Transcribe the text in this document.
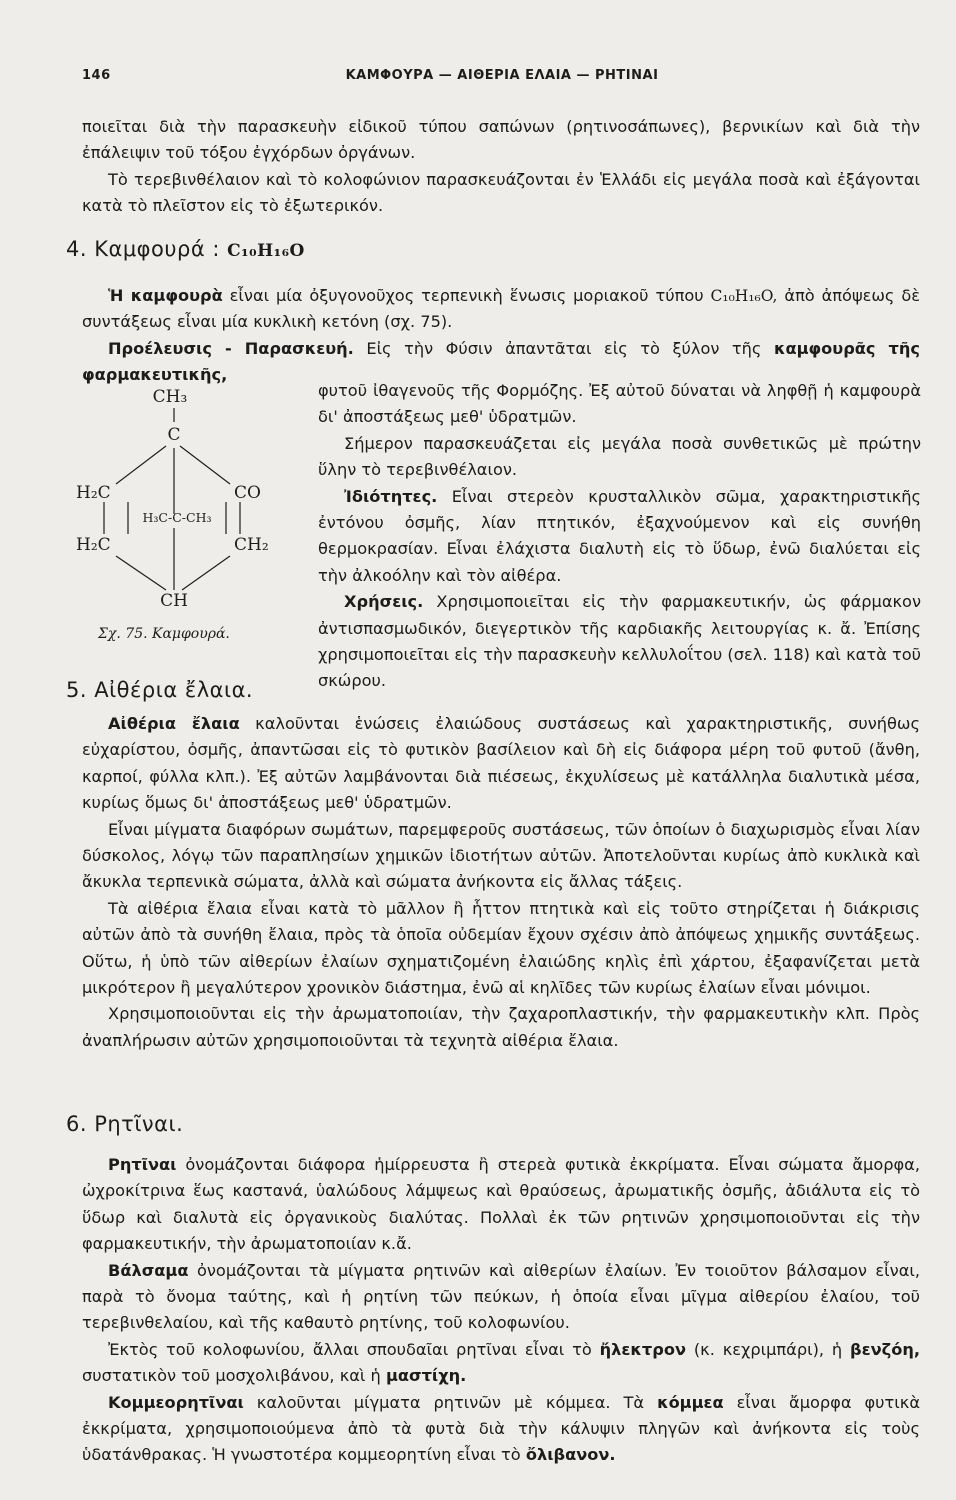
146	ΚΑΜΦΟΥΡΑ — ΑΙΘΕΡΙΑ ΕΛΑΙΑ — ΡΗΤΙΝΑΙ

ποιεῖται διὰ τὴν παρασκευὴν εἰδικοῦ τύπου σαπώνων (ρητινοσάπωνες), βερνικίων καὶ διὰ τὴν ἐπάλειψιν τοῦ τόξου ἐγχόρδων ὀργάνων.

Τὸ τερεβινθέλαιον καὶ τὸ κολοφώνιον παρασκευάζονται ἐν Ἑλλάδι εἰς μεγάλα ποσὰ καὶ ἐξάγονται κατὰ τὸ πλεῖστον εἰς τὸ ἐξωτερικόν.

4. Καμφουρά : C₁₀H₁₆O

Ἡ καμφουρὰ εἶναι μία ὀξυγονοῦχος τερπενικὴ ἕνωσις μοριακοῦ τύπου C₁₀H₁₆O, ἀπὸ ἀπόψεως δὲ συντάξεως εἶναι μία κυκλικὴ κετόνη (σχ. 75).

Προέλευσις - Παρασκευή. Εἰς τὴν Φύσιν ἀπαντᾶται εἰς τὸ ξύλον τῆς καμφουρᾶς τῆς φαρμακευτικῆς,

CH₃
C
H₂C	CO
H₃C-C-CH₃
H₂C	CH₂
CH
Σχ. 75. Καμφουρά.

φυτοῦ ἰθαγενοῦς τῆς Φορμόζης. Ἐξ αὐτοῦ δύναται νὰ ληφθῇ ἡ καμφουρὰ δι' ἀποστάξεως μεθ' ὑδρατμῶν.

Σήμερον παρασκευάζεται εἰς μεγάλα ποσὰ συνθετικῶς μὲ πρώτην ὕλην τὸ τερεβινθέλαιον.

Ἰδιότητες. Εἶναι στερεὸν κρυσταλλικὸν σῶμα, χαρακτηριστικῆς ἐντόνου ὀσμῆς, λίαν πτητικόν, ἐξαχνούμενον καὶ εἰς συνήθη θερμοκρασίαν. Εἶναι ἐλάχιστα διαλυτὴ εἰς τὸ ὕδωρ, ἐνῶ διαλύεται εἰς τὴν ἀλκοόλην καὶ τὸν αἰθέρα.

Χρήσεις. Χρησιμοποιεῖται εἰς τὴν φαρμακευτικήν, ὡς φάρμακον ἀντισπασμωδικόν, διεγερτικὸν τῆς καρδιακῆς λειτουργίας κ. ἄ. Ἐπίσης χρησιμοποιεῖται εἰς τὴν παρασκευὴν κελλυλοΐτου (σελ. 118) καὶ κατὰ τοῦ σκώρου.

5. Αἰθέρια ἔλαια.

Αἰθέρια ἔλαια καλοῦνται ἑνώσεις ἐλαιώδους συστάσεως καὶ χαρακτηριστικῆς, συνήθως εὐχαρίστου, ὀσμῆς, ἀπαντῶσαι εἰς τὸ φυτικὸν βασίλειον καὶ δὴ εἰς διάφορα μέρη τοῦ φυτοῦ (ἄνθη, καρποί, φύλλα κλπ.). Ἐξ αὐτῶν λαμβάνονται διὰ πιέσεως, ἐκχυλίσεως μὲ κατάλληλα διαλυτικὰ μέσα, κυρίως ὅμως δι' ἀποστάξεως μεθ' ὑδρατμῶν.

Εἶναι μίγματα διαφόρων σωμάτων, παρεμφεροῦς συστάσεως, τῶν ὁποίων ὁ διαχωρισμὸς εἶναι λίαν δύσκολος, λόγῳ τῶν παραπλησίων χημικῶν ἰδιοτήτων αὐτῶν. Ἀποτελοῦνται κυρίως ἀπὸ κυκλικὰ καὶ ἄκυκλα τερπενικὰ σώματα, ἀλλὰ καὶ σώματα ἀνήκοντα εἰς ἄλλας τάξεις.

Τὰ αἰθέρια ἔλαια εἶναι κατὰ τὸ μᾶλλον ἢ ἧττον πτητικὰ καὶ εἰς τοῦτο στηρίζεται ἡ διάκρισις αὐτῶν ἀπὸ τὰ συνήθη ἔλαια, πρὸς τὰ ὁποῖα οὐδεμίαν ἔχουν σχέσιν ἀπὸ ἀπόψεως χημικῆς συντάξεως. Οὕτω, ἡ ὑπὸ τῶν αἰθερίων ἐλαίων σχηματιζομένη ἐλαιώδης κηλὶς ἐπὶ χάρτου, ἐξαφανίζεται μετὰ μικρότερον ἢ μεγαλύτερον χρονικὸν διάστημα, ἐνῶ αἱ κηλῖδες τῶν κυρίως ἐλαίων εἶναι μόνιμοι.

Χρησιμοποιοῦνται εἰς τὴν ἀρωματοποιίαν, τὴν ζαχαροπλαστικήν, τὴν φαρμακευτικὴν κλπ. Πρὸς ἀναπλήρωσιν αὐτῶν χρησιμοποιοῦνται τὰ τεχνητὰ αἰθέρια ἔλαια.

6. Ρητῖναι.

Ρητῖναι ὀνομάζονται διάφορα ἡμίρρευστα ἢ στερεὰ φυτικὰ ἐκκρίματα. Εἶναι σώματα ἄμορφα, ὠχροκίτρινα ἕως καστανά, ὑαλώδους λάμψεως καὶ θραύσεως, ἀρωματικῆς ὀσμῆς, ἀδιάλυτα εἰς τὸ ὕδωρ καὶ διαλυτὰ εἰς ὀργανικοὺς διαλύτας. Πολλαὶ ἐκ τῶν ρητινῶν χρησιμοποιοῦνται εἰς τὴν φαρμακευτικήν, τὴν ἀρωματοποιίαν κ.ἄ.

Βάλσαμα ὀνομάζονται τὰ μίγματα ρητινῶν καὶ αἰθερίων ἐλαίων. Ἐν τοιοῦτον βάλσαμον εἶναι, παρὰ τὸ ὄνομα ταύτης, καὶ ἡ ρητίνη τῶν πεύκων, ἡ ὁποία εἶναι μῖγμα αἰθερίου ἐλαίου, τοῦ τερεβινθελαίου, καὶ τῆς καθαυτὸ ρητίνης, τοῦ κολοφωνίου.

Ἐκτὸς τοῦ κολοφωνίου, ἄλλαι σπουδαῖαι ρητῖναι εἶναι τὸ ἤλεκτρον (κ. κεχριμπάρι), ἡ βενζόη, συστατικὸν τοῦ μοσχολιβάνου, καὶ ἡ μαστίχη.

Κομμεορητῖναι καλοῦνται μίγματα ρητινῶν μὲ κόμμεα. Τὰ κόμμεα εἶναι ἄμορφα φυτικὰ ἐκκρίματα, χρησιμοποιούμενα ἀπὸ τὰ φυτὰ διὰ τὴν κάλυψιν πληγῶν καὶ ἀνήκοντα εἰς τοὺς ὑδατάνθρακας. Ἡ γνωστοτέρα κομμεορητίνη εἶναι τὸ ὄλιβανον.
